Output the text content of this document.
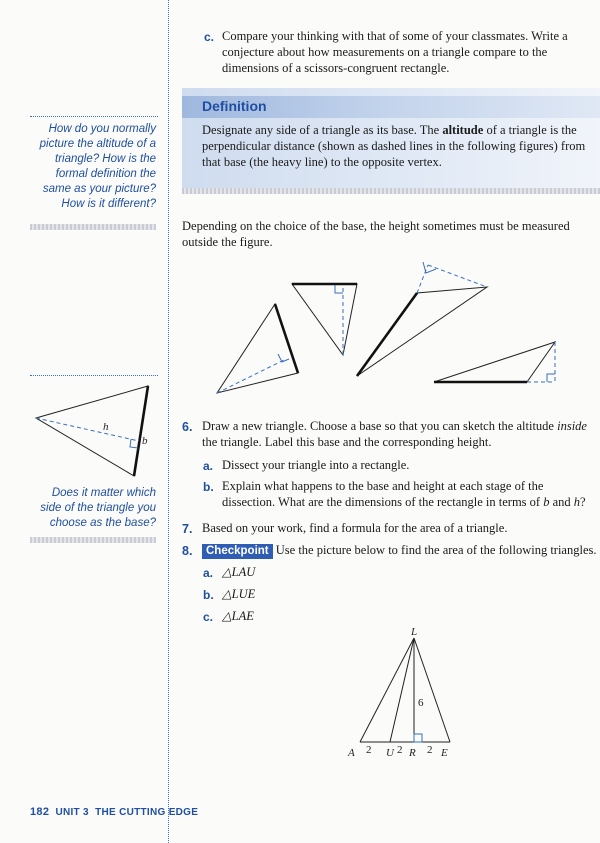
c. Compare your thinking with that of some of your classmates. Write a conjecture about how measurements on a triangle compare to the dimensions of a scissors-congruent rectangle.
How do you normally picture the altitude of a triangle? How is the formal definition the same as your picture? How is it different?
Definition
Designate any side of a triangle as its base. The altitude of a triangle is the perpendicular distance (shown as dashed lines in the following figures) from that base (the heavy line) to the opposite vertex.
Depending on the choice of the base, the height sometimes must be measured outside the figure.
h
b
Does it matter which side of the triangle you choose as the base?
6. Draw a new triangle. Choose a base so that you can sketch the altitude inside the triangle. Label this base and the corresponding height.
a. Dissect your triangle into a rectangle.
b. Explain what happens to the base and height at each stage of the dissection. What are the dimensions of the rectangle in terms of b and h?
7. Based on your work, find a formula for the area of a triangle.
8.	Checkpoint Use the picture below to find the area of the following triangles.
a. △LAU
b. △LUE
c. △LAE
L
A	U R E
2 2 2
6
182 UNIT 3 THE CUTTING EDGE
